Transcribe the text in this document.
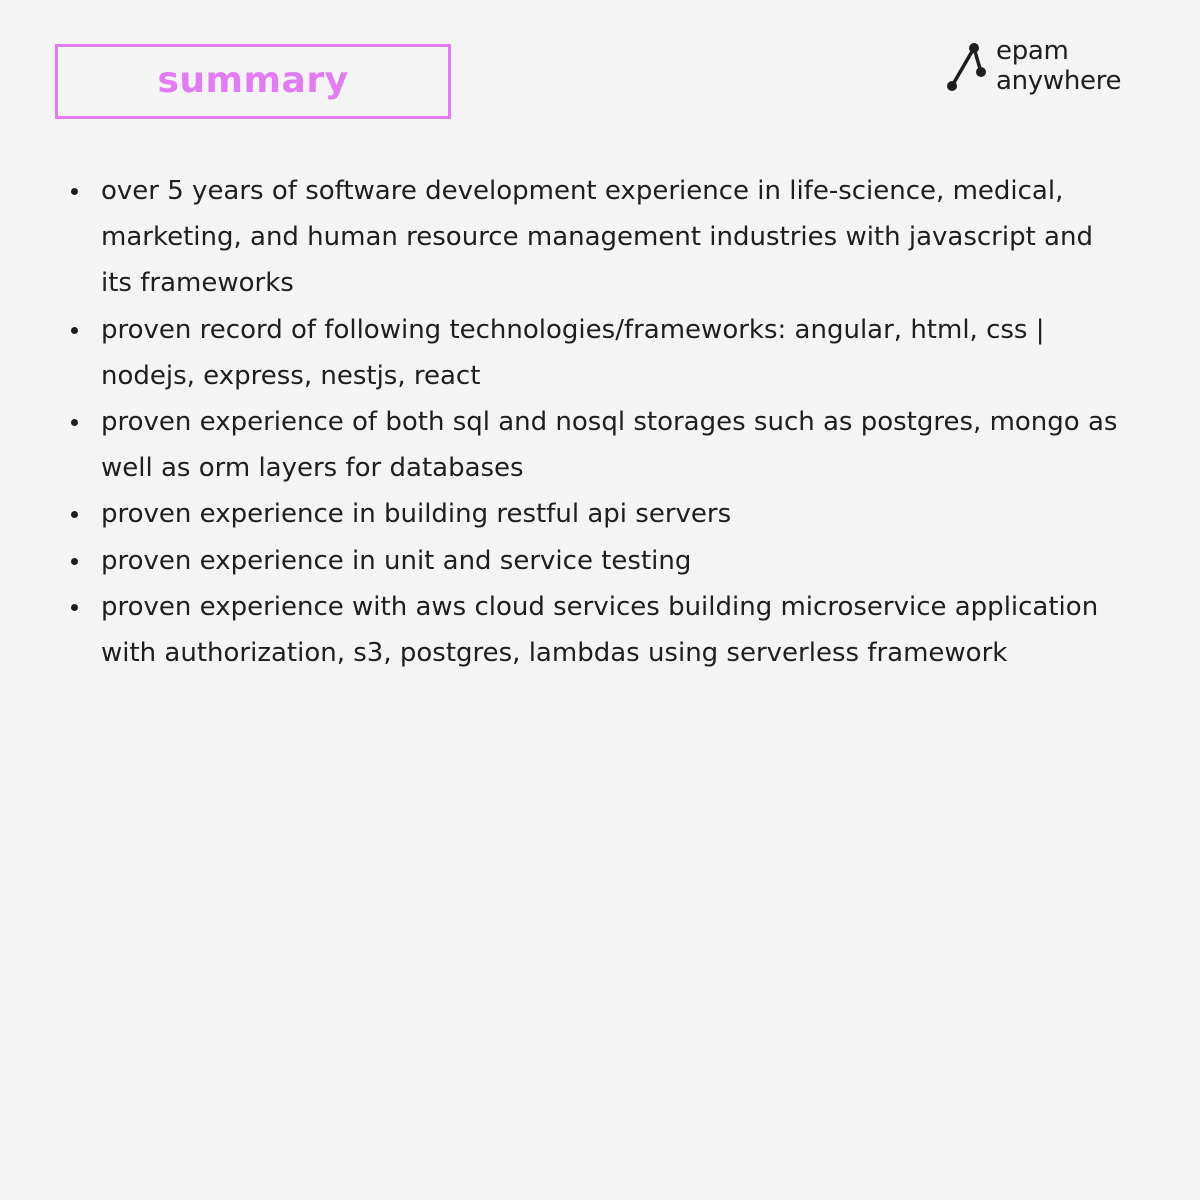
summary
epam
anywhere
over 5 years of software development experience in life-science, medical, marketing, and human resource management industries with javascript and its frameworks
proven record of following technologies/frameworks: angular, html, css | nodejs, express, nestjs, react
proven experience of both sql and nosql storages such as postgres, mongo as well as orm layers for databases
proven experience in building restful api servers
proven experience in unit and service testing
proven experience with aws cloud services building microservice application with authorization, s3, postgres, lambdas using serverless framework
